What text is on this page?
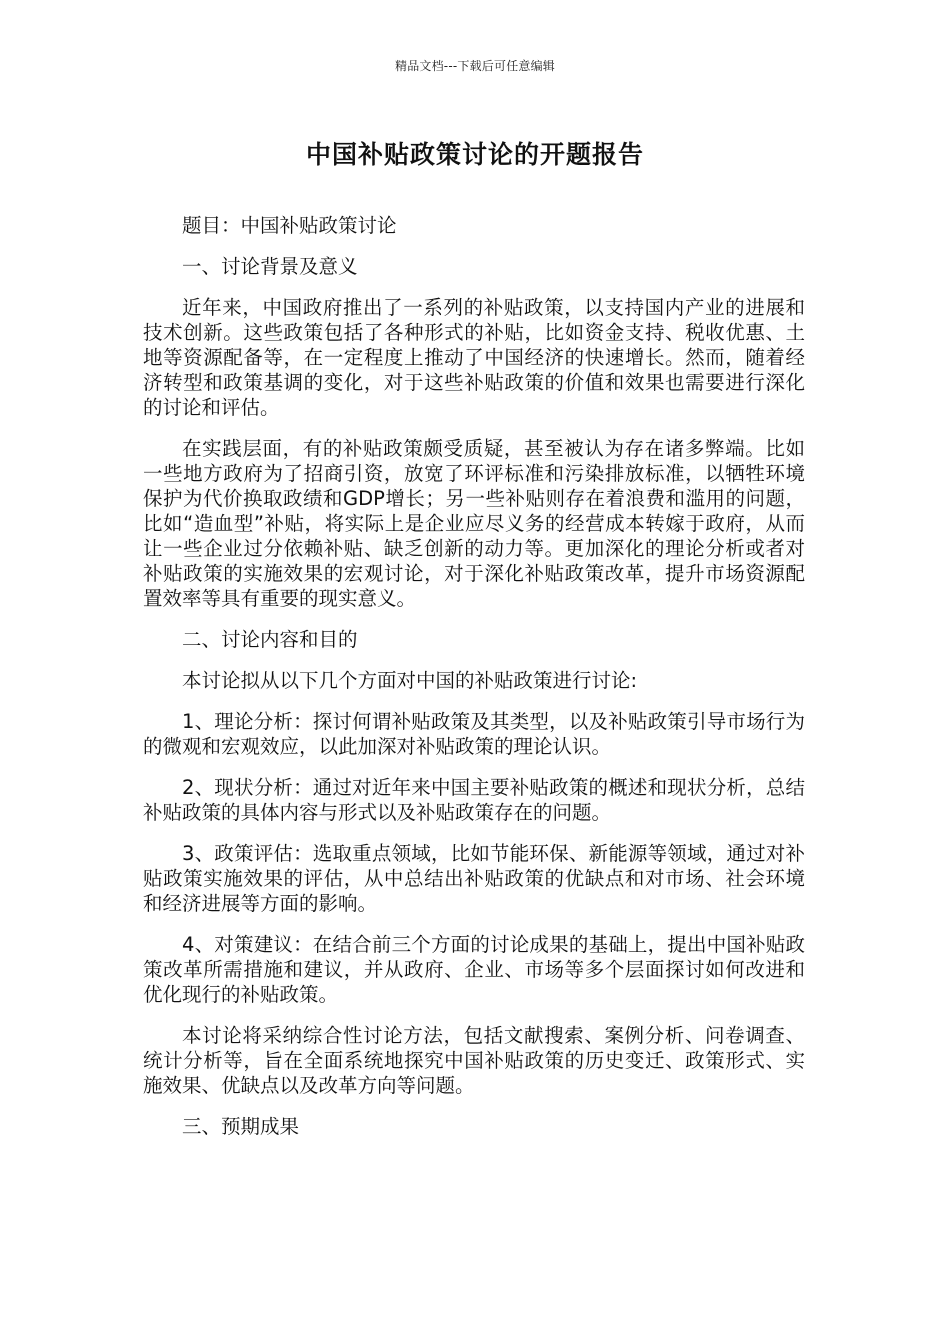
精品文档---下载后可任意编辑
中国补贴政策讨论的开题报告

题目：中国补贴政策讨论

一、讨论背景及意义

近年来，中国政府推出了一系列的补贴政策，以支持国内产业的进展和技术创新。这些政策包括了各种形式的补贴，比如资金支持、税收优惠、土地等资源配备等，在一定程度上推动了中国经济的快速增长。然而，随着经济转型和政策基调的变化，对于这些补贴政策的价值和效果也需要进行深化的讨论和评估。

在实践层面，有的补贴政策颇受质疑，甚至被认为存在诸多弊端。比如一些地方政府为了招商引资，放宽了环评标准和污染排放标准，以牺牲环境保护为代价换取政绩和GDP增长；另一些补贴则存在着浪费和滥用的问题，比如“造血型”补贴，将实际上是企业应尽义务的经营成本转嫁于政府，从而让一些企业过分依赖补贴、缺乏创新的动力等。更加深化的理论分析或者对补贴政策的实施效果的宏观讨论，对于深化补贴政策改革，提升市场资源配置效率等具有重要的现实意义。

二、讨论内容和目的

本讨论拟从以下几个方面对中国的补贴政策进行讨论:

1、理论分析：探讨何谓补贴政策及其类型，以及补贴政策引导市场行为的微观和宏观效应，以此加深对补贴政策的理论认识。

2、现状分析：通过对近年来中国主要补贴政策的概述和现状分析，总结补贴政策的具体内容与形式以及补贴政策存在的问题。

3、政策评估：选取重点领域，比如节能环保、新能源等领域，通过对补贴政策实施效果的评估，从中总结出补贴政策的优缺点和对市场、社会环境和经济进展等方面的影响。

4、对策建议：在结合前三个方面的讨论成果的基础上，提出中国补贴政策改革所需措施和建议，并从政府、企业、市场等多个层面探讨如何改进和优化现行的补贴政策。

本讨论将采纳综合性讨论方法，包括文献搜索、案例分析、问卷调查、统计分析等，旨在全面系统地探究中国补贴政策的历史变迁、政策形式、实施效果、优缺点以及改革方向等问题。

三、预期成果
